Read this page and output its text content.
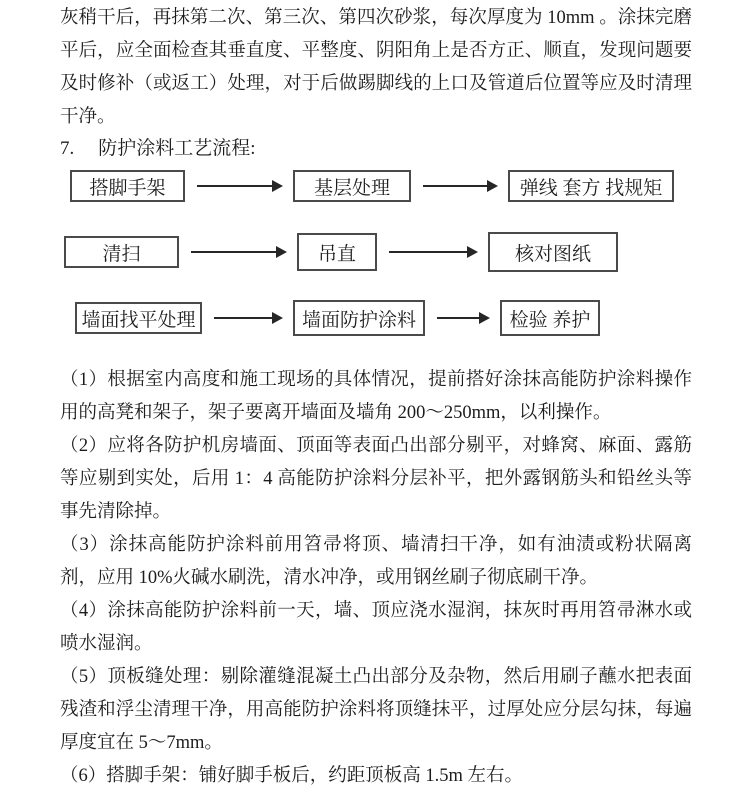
灰稍干后，再抹第二次、第三次、第四次砂浆，每次厚度为 10mm 。涂抹完磨平后，应全面检查其垂直度、平整度、阴阳角上是否方正、顺直，发现问题要及时修补（或返工）处理，对于后做踢脚线的上口及管道后位置等应及时清理干净。

7. 防护涂料工艺流程:
搭脚手架	基层处理	弹线 套方 找规矩
清扫	吊直	核对图纸
墙面找平处理	墙面防护涂料	检验 养护

（1）根据室内高度和施工现场的具体情况，提前搭好涂抹高能防护涂料操作用的高凳和架子，架子要离开墙面及墙角 200～250mm，以利操作。

（2）应将各防护机房墙面、顶面等表面凸出部分剔平，对蜂窝、麻面、露筋等应剔到实处，后用 1：4 高能防护涂料分层补平，把外露钢筋头和铅丝头等事先清除掉。

（3）涂抹高能防护涂料前用笤帚将顶、墙清扫干净，如有油渍或粉状隔离剂，应用 10%火碱水刷洗，清水冲净，或用钢丝刷子彻底刷干净。

（4）涂抹高能防护涂料前一天，墙、顶应浇水湿润，抹灰时再用笤帚淋水或喷水湿润。

（5）顶板缝处理：剔除灌缝混凝土凸出部分及杂物，然后用刷子蘸水把表面残渣和浮尘清理干净，用高能防护涂料将顶缝抹平，过厚处应分层勾抹，每遍厚度宜在 5～7mm。

（6）搭脚手架：铺好脚手板后，约距顶板高 1.5m 左右。
